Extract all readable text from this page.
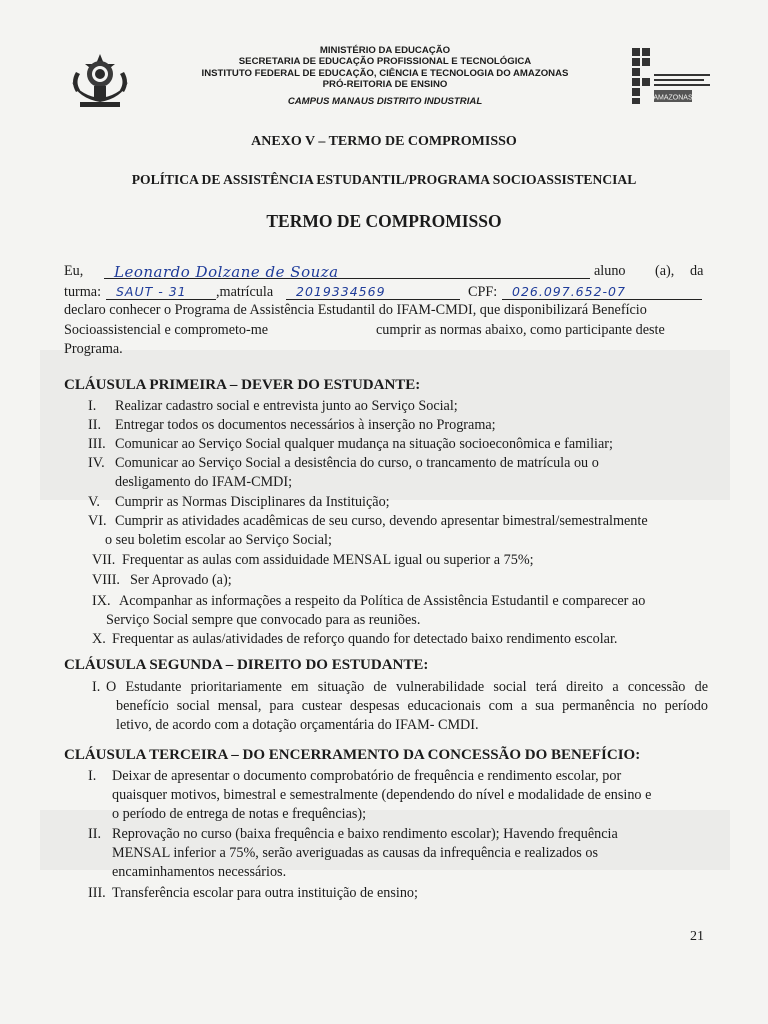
MINISTÉRIO DA EDUCAÇÃO
SECRETARIA DE EDUCAÇÃO PROFISSIONAL E TECNOLÓGICA
INSTITUTO FEDERAL DE EDUCAÇÃO, CIÊNCIA E TECNOLOGIA DO AMAZONAS
PRÓ-REITORIA DE ENSINO
CAMPUS MANAUS DISTRITO INDUSTRIAL	AMAZONAS
ANEXO V – TERMO DE COMPROMISSO
POLÍTICA DE ASSISTÊNCIA ESTUDANTIL/PROGRAMA SOCIOASSISTENCIAL
TERMO DE COMPROMISSO
Eu,	Leonardo Dolzane de Souza	aluno (a), da
turma:	SAUT - 31	,matrícula	2019334569	CPF:	026.097.652-07
declaro conhecer o Programa de Assistência Estudantil do IFAM-CMDI, que disponibilizará Benefício
Socioassistencial e comprometo-me	cumprir as normas abaixo, como participante deste
Programa.
CLÁUSULA PRIMEIRA – DEVER DO ESTUDANTE:
I. Realizar cadastro social e entrevista junto ao Serviço Social;
II. Entregar todos os documentos necessários à inserção no Programa;
III. Comunicar ao Serviço Social qualquer mudança na situação socioeconômica e familiar;
IV. Comunicar ao Serviço Social a desistência do curso, o trancamento de matrícula ou o
desligamento do IFAM-CMDI;
V. Cumprir as Normas Disciplinares da Instituição;
VI. Cumprir as atividades acadêmicas de seu curso, devendo apresentar bimestral/semestralmente
o seu boletim escolar ao Serviço Social;
VII. Frequentar as aulas com assiduidade MENSAL igual ou superior a 75%;
VIII. Ser Aprovado (a);
IX. Acompanhar as informações a respeito da Política de Assistência Estudantil e comparecer ao
Serviço Social sempre que convocado para as reuniões.
X. Frequentar as aulas/atividades de reforço quando for detectado baixo rendimento escolar.
CLÁUSULA SEGUNDA – DIREITO DO ESTUDANTE:
I. O Estudante prioritariamente em situação de vulnerabilidade social terá direito a concessão de
benefício social mensal, para custear despesas educacionais com a sua permanência no período
letivo, de acordo com a dotação orçamentária do IFAM- CMDI.
CLÁUSULA TERCEIRA – DO ENCERRAMENTO DA CONCESSÃO DO BENEFÍCIO:
I. Deixar de apresentar o documento comprobatório de frequência e rendimento escolar, por
quaisquer motivos, bimestral e semestralmente (dependendo do nível e modalidade de ensino e
o período de entrega de notas e frequências);
II. Reprovação no curso (baixa frequência e baixo rendimento escolar); Havendo frequência
MENSAL inferior a 75%, serão averiguadas as causas da infrequência e realizados os
encaminhamentos necessários.
III. Transferência escolar para outra instituição de ensino;
21
